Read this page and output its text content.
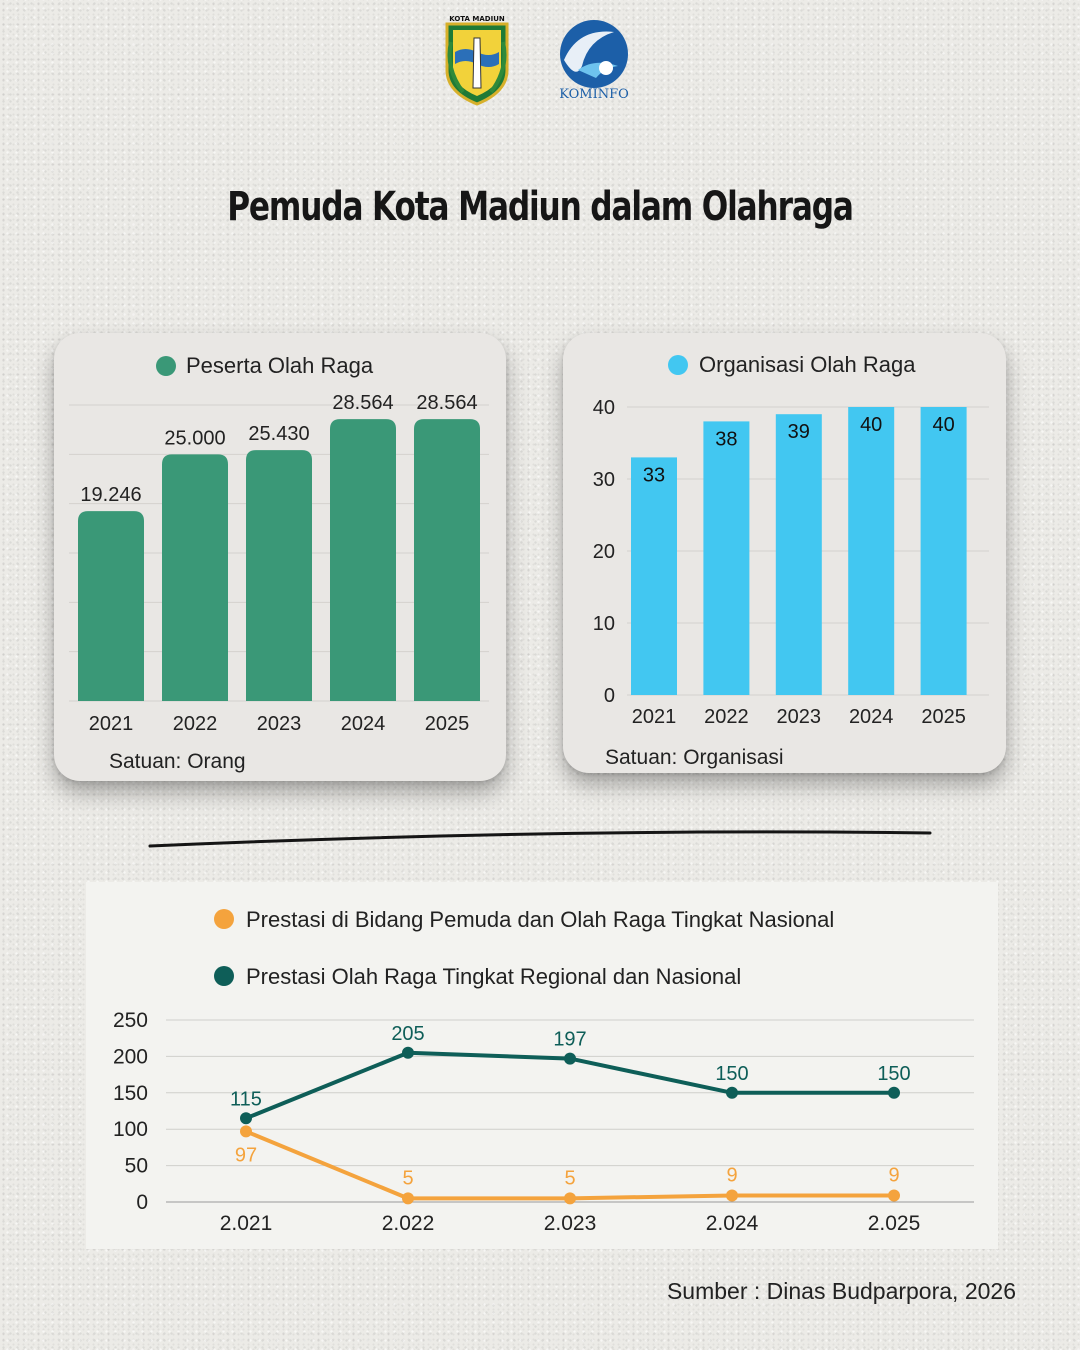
KOTA MADIUN
KOMINFO
Pemuda Kota Madiun dalam Olahraga
Peserta Olah Raga
19.246
2021
25.000
2022
25.430
2023
28.564
2024
28.564
2025
Satuan: Orang
0
10
20
30
40
Organisasi Olah Raga
33
2021
38
2022
39
2023
40
2024
40
2025
Satuan: Organisasi
0
50
100
150
200
250
2.021	2.022	2.023	2.024	2.025
Prestasi di Bidang Pemuda dan Olah Raga Tingkat Nasional
Prestasi Olah Raga Tingkat Regional dan Nasional
97
5	5	9	9
115
205	197
150	150
Sumber : Dinas Budparpora, 2026
